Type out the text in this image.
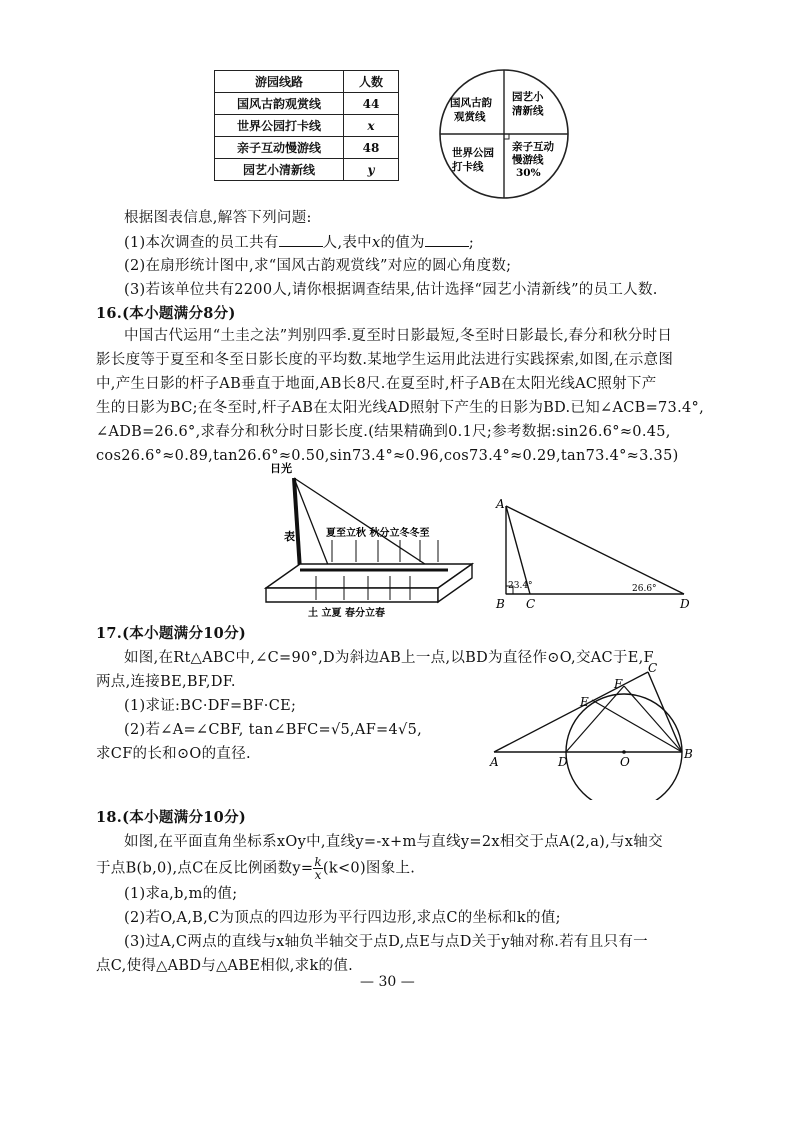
游园线路	人数
国风古韵观赏线	44
世界公园打卡线	x
亲子互动慢游线	48
园艺小清新线	y
国风古韵
观赏线
园艺小
清新线
亲子互动
慢游线
30%
世界公园
打卡线
根据图表信息,解答下列问题:
(1)本次调查的员工共有	人,表中x的值为	;
(2)在扇形统计图中,求“国风古韵观赏线”对应的圆心角度数;
(3)若该单位共有2200人,请你根据调查结果,估计选择“园艺小清新线”的员工人数.
16.(本小题满分8分)
中国古代运用“土圭之法”判别四季.夏至时日影最短,冬至时日影最长,春分和秋分时日
影长度等于夏至和冬至日影长度的平均数.某地学生运用此法进行实践探索,如图,在示意图
中,产生日影的杆子AB垂直于地面,AB长8尺.在夏至时,杆子AB在太阳光线AC照射下产
生的日影为BC;在冬至时,杆子AB在太阳光线AD照射下产生的日影为BD.已知∠ACB=73.4°,
∠ADB=26.6°,求春分和秋分时日影长度.(结果精确到0.1尺;参考数据:sin26.6°≈0.45,
cos26.6°≈0.89,tan26.6°≈0.50,sin73.4°≈0.96,cos73.4°≈0.29,tan73.4°≈3.35)
日光
表	夏至立秋 秋分立冬冬至
土 立夏 春分立春
A
B C	D
23.4°	26.6°
17.(本小题满分10分)
如图,在Rt△ABC中,∠C=90°,D为斜边AB上一点,以BD为直径作⊙O,交AC于E,F
两点,连接BE,BF,DF.
(1)求证:BC·DF=BF·CE;
(2)若∠A=∠CBF, tan∠BFC=√5,AF=4√5,
求CF的长和⊙O的直径.	A
B
C
D
E
F
O
18.(本小题满分10分)
如图,在平面直角坐标系xOy中,直线y=-x+m与直线y=2x相交于点A(2,a),与x轴交
于点B(b,0),点C在反比例函数$y= \frac{k}{x} (k<0)$图象上.
(1)求a,b,m的值;
(2)若O,A,B,C为顶点的四边形为平行四边形,求点C的坐标和k的值;
(3)过A,C两点的直线与x轴负半轴交于点D,点E与点D关于y轴对称.若有且只有一
点C,使得△ABD与△ABE相似,求k的值.
— 30 —
